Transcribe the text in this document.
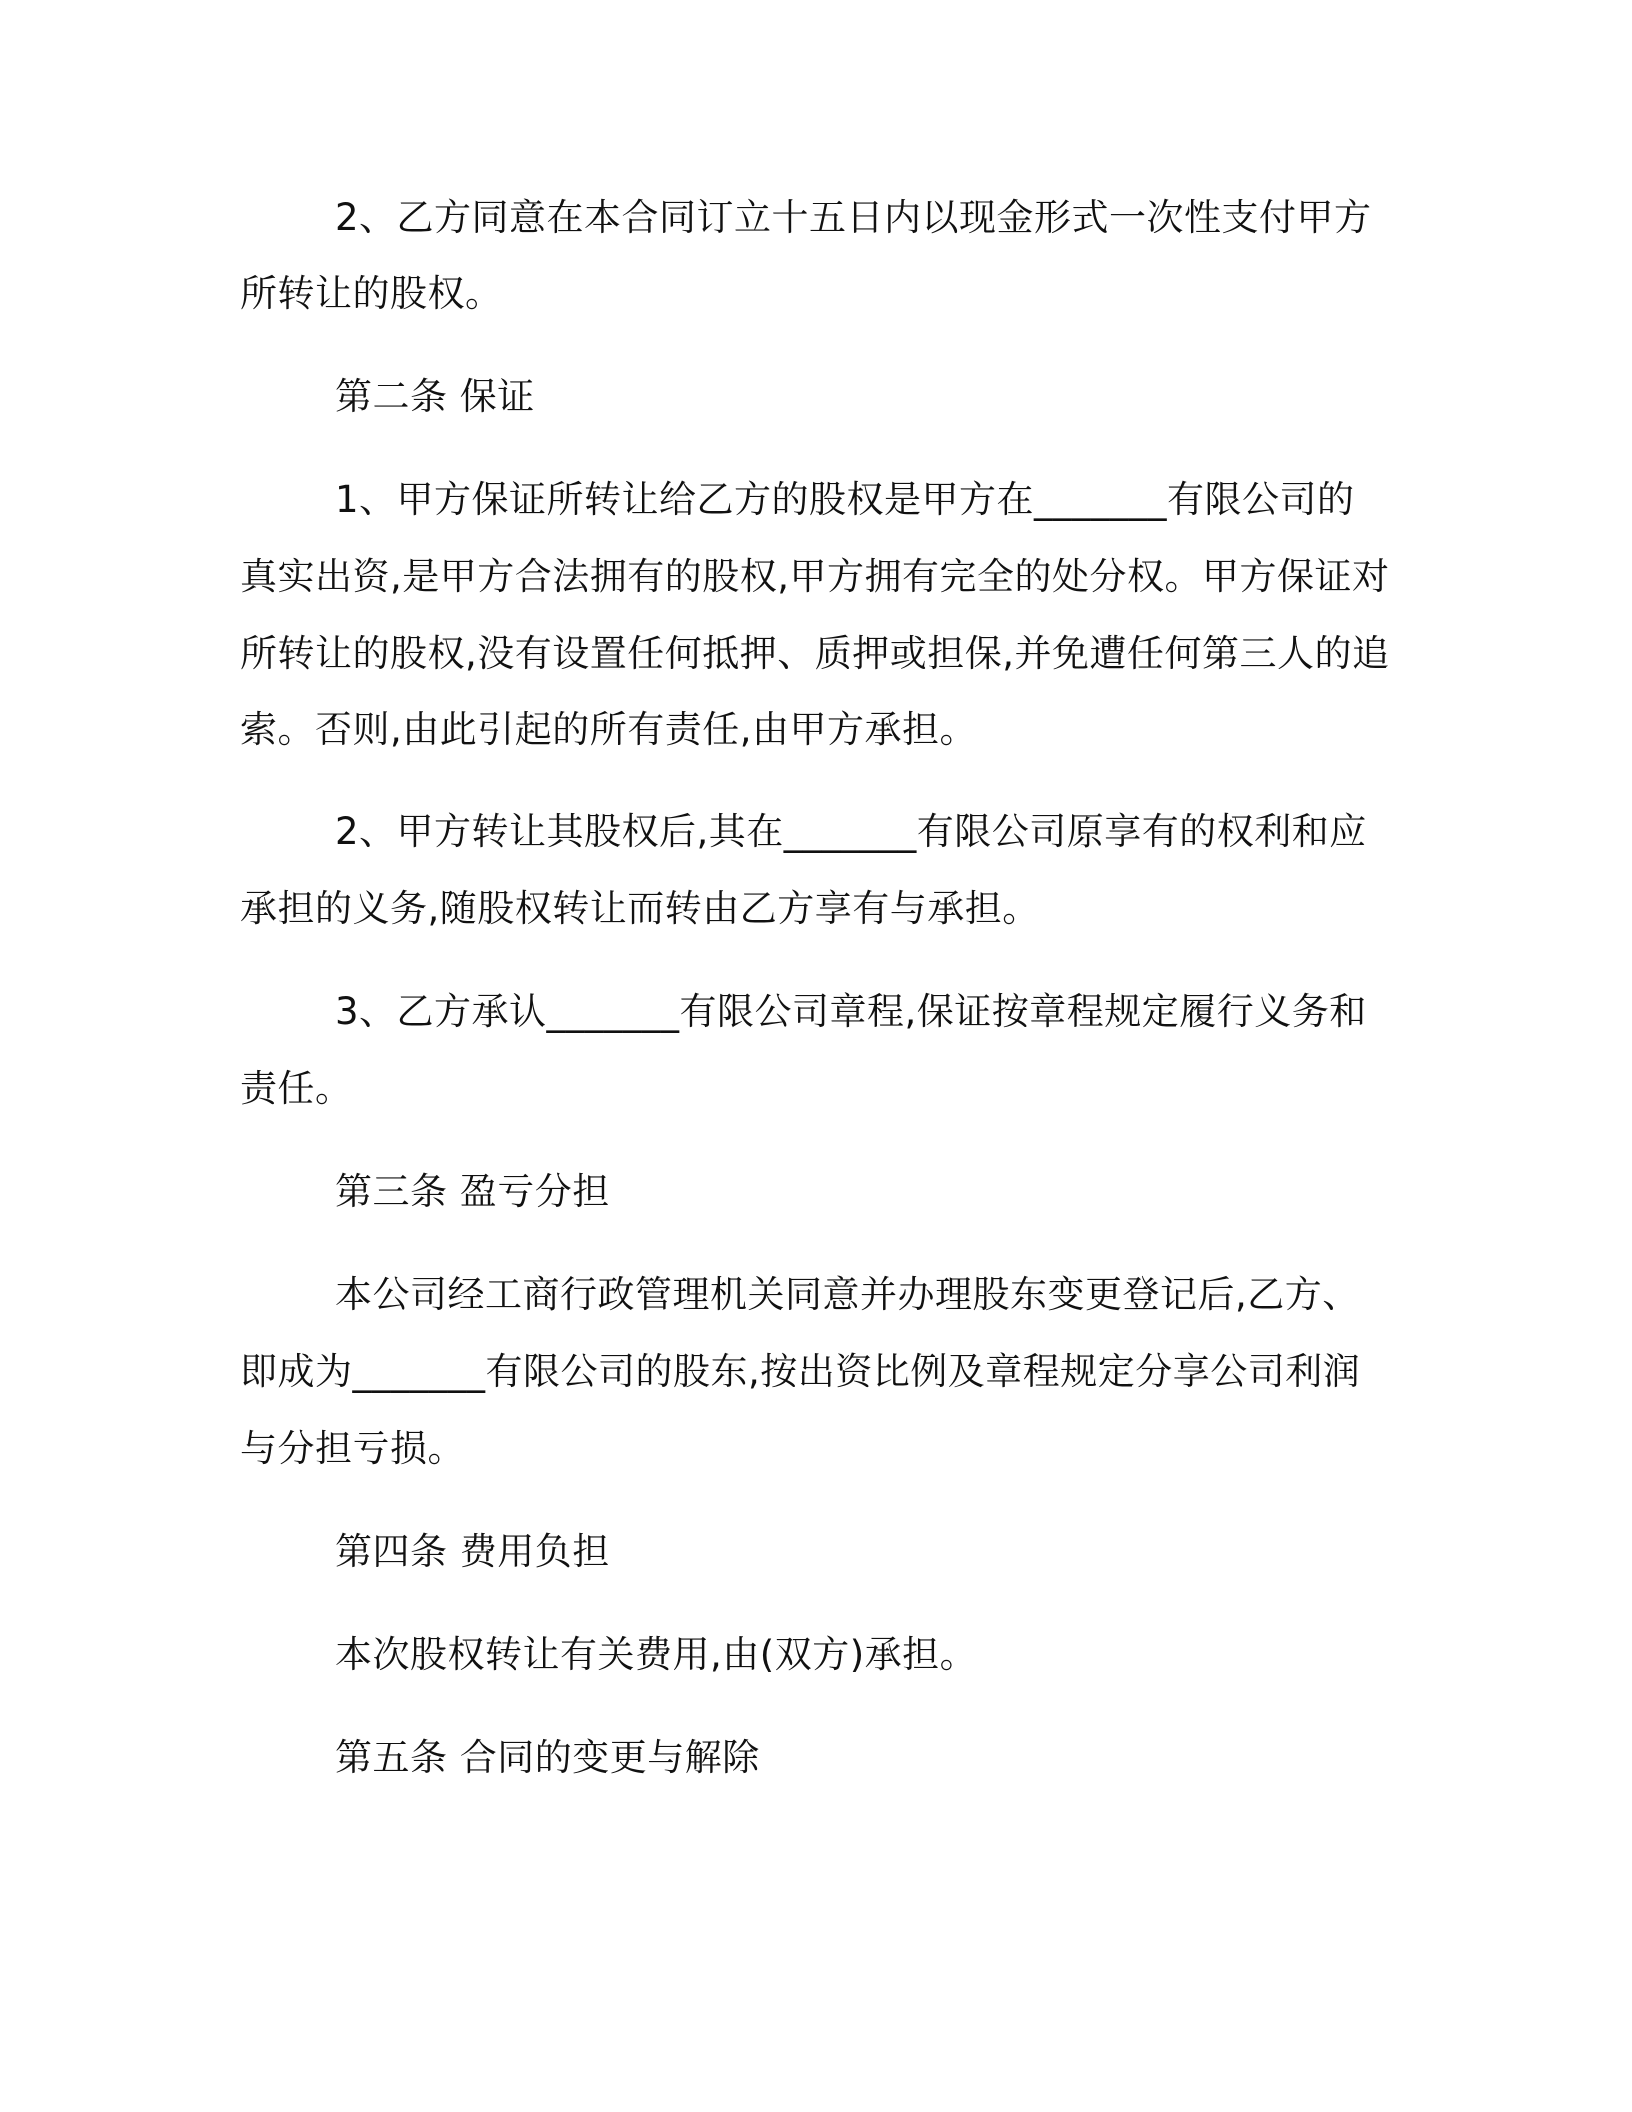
2、乙方同意在本合同订立十五日内以现金形式一次性支付甲方
所转让的股权。
第二条 保证
1、甲方保证所转让给乙方的股权是甲方在_______有限公司的
真实出资,是甲方合法拥有的股权,甲方拥有完全的处分权。甲方保证对
所转让的股权,没有设置任何抵押、质押或担保,并免遭任何第三人的追
索。否则,由此引起的所有责任,由甲方承担。
2、甲方转让其股权后,其在_______有限公司原享有的权利和应
承担的义务,随股权转让而转由乙方享有与承担。
3、乙方承认_______有限公司章程,保证按章程规定履行义务和
责任。
第三条 盈亏分担
本公司经工商行政管理机关同意并办理股东变更登记后,乙方、
即成为_______有限公司的股东,按出资比例及章程规定分享公司利润
与分担亏损。
第四条 费用负担
本次股权转让有关费用,由(双方)承担。
第五条 合同的变更与解除
